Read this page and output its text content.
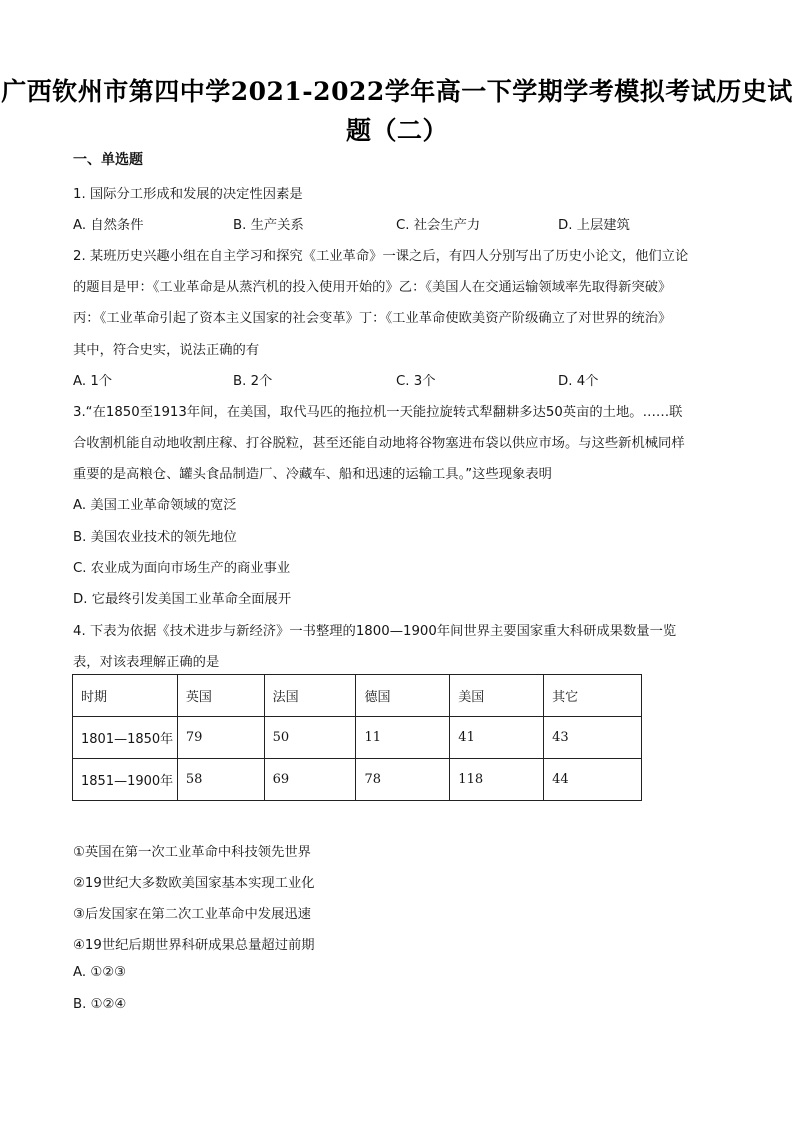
广西钦州市第四中学2021-2022学年高一下学期学考模拟考试历史试
题（二）
一、单选题
1. 国际分工形成和发展的决定性因素是
A. 自然条件	B. 生产关系	C. 社会生产力	D. 上层建筑
2. 某班历史兴趣小组在自主学习和探究《工业革命》一课之后，有四人分别写出了历史小论文，他们立论
的题目是甲：《工业革命是从蒸汽机的投入使用开始的》乙：《美国人在交通运输领域率先取得新突破》
丙：《工业革命引起了资本主义国家的社会变革》丁：《工业革命使欧美资产阶级确立了对世界的统治》
其中，符合史实，说法正确的有
A. 1个	B. 2个	C. 3个	D. 4个
3.“在1850至1913年间，在美国，取代马匹的拖拉机一天能拉旋转式犁翻耕多达50英亩的土地。……联
合收割机能自动地收割庄稼、打谷脱粒，甚至还能自动地将谷物塞进布袋以供应市场。与这些新机械同样
重要的是高粮仓、罐头食品制造厂、冷藏车、船和迅速的运输工具。”这些现象表明
A. 美国工业革命领域的宽泛
B. 美国农业技术的领先地位
C. 农业成为面向市场生产的商业事业
D. 它最终引发美国工业革命全面展开
4. 下表为依据《技术进步与新经济》一书整理的1800—1900年间世界主要国家重大科研成果数量一览
表，对该表理解正确的是
时期	英国	法国	德国	美国	其它
1801—1850年	79	50	11	41	43
1851—1900年	58	69	78	118	44
①英国在第一次工业革命中科技领先世界
②19世纪大多数欧美国家基本实现工业化
③后发国家在第二次工业革命中发展迅速
④19世纪后期世界科研成果总量超过前期
A. ①②③
B. ①②④
